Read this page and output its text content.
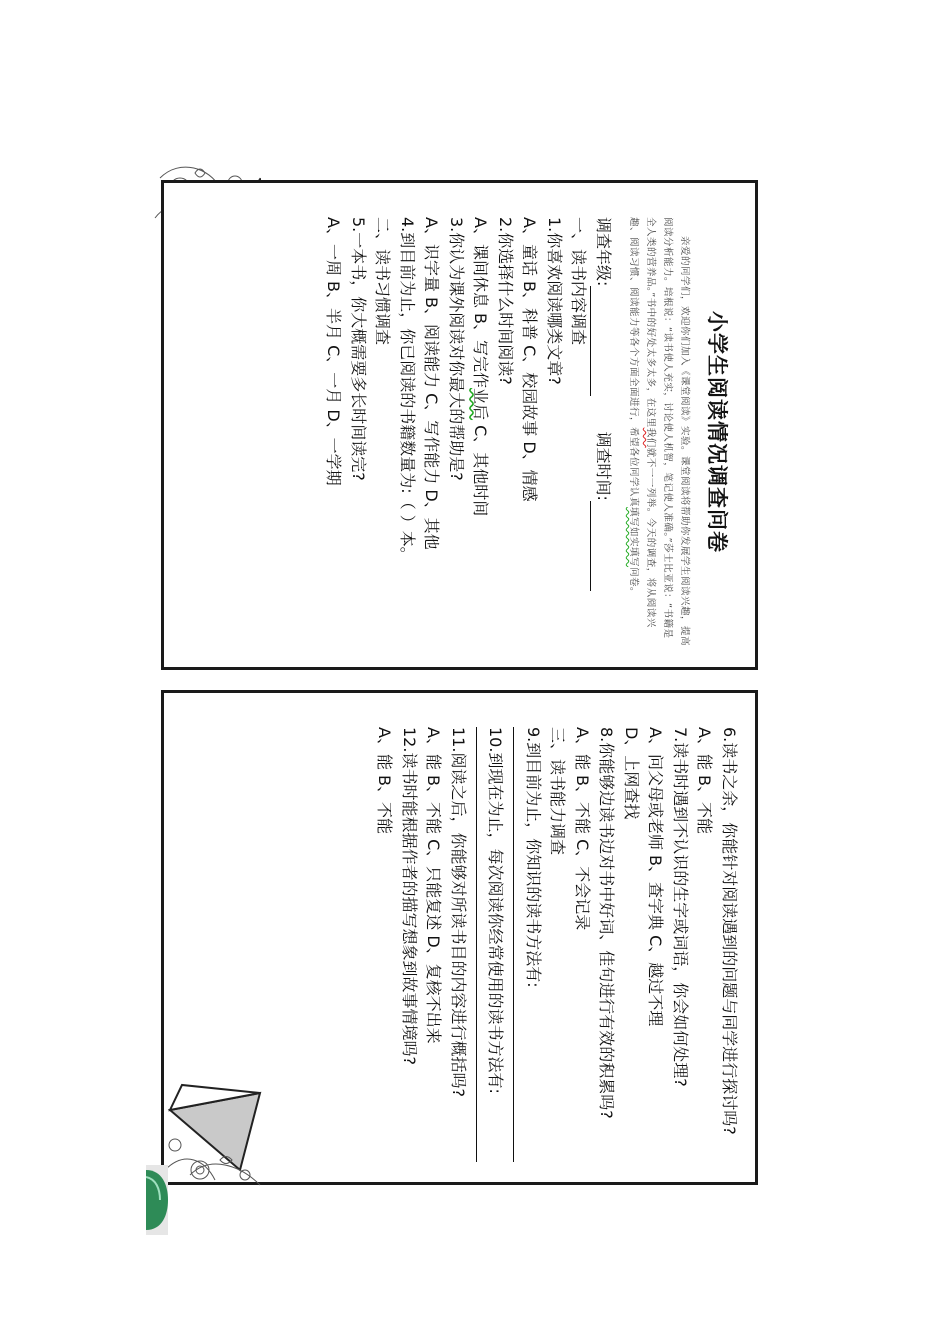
小学生阅读情况调查问卷
亲爱的同学们，欢迎你们加入《课堂阅读》实验。课堂阅读将帮助你发展学生阅读兴趣，提高阅读分析能力。培根说：“读书使人充实，讨论使人机智，笔记使人准确。”莎士比亚说：“书籍是全人类的营养品。”书中的好处太多太多，在这里我们就不一一列举。今天的调查，将从阅读兴趣、阅读习惯、阅读能力等各个方面全面进行，希望各位同学认真填写如实填写问卷。
调查年级: 调查时间:
一、读书内容调查
1.你喜欢阅读哪类文章?
A、童话 B、科普 C、校园故事 D、情感
2.你选择什么时间阅读?
A、课间休息 B、写完作业后 C、其他时间
3.你认为课外阅读对你最大的帮助是?
A、识字量 B、阅读能力 C、写作能力 D、其他
4.到目前为止，你已阅读的书籍数量为:（ ）本。
二、读书习惯调查
5.一本书，你大概需要多长时间读完?
A、一周 B、半月 C、一月 D、一学期
6.读书之余，你能针对阅读遇到的问题与同学进行探讨吗?
A、能 B、不能
7.读书时遇到不认识的生字或词语，你会如何处理?
A、问父母或老师 B、查字典 C、越过不理
D、上网查找
8.你能够边读书边对书中好词、佳句进行有效的积累吗?
A、能 B、不能 C、不会记录
三、读书能力调查
9.到目前为止，你知识的读书方法有:
10.到现在为止，每次阅读你经常使用的读书方法有:
11.阅读之后，你能够对所读书目的内容进行概括吗?
A、能 B、不能 C、只能复述 D、复核不出来
12.读书时能根据作者的描写想象到故事情境吗?
A、能 B、不能
